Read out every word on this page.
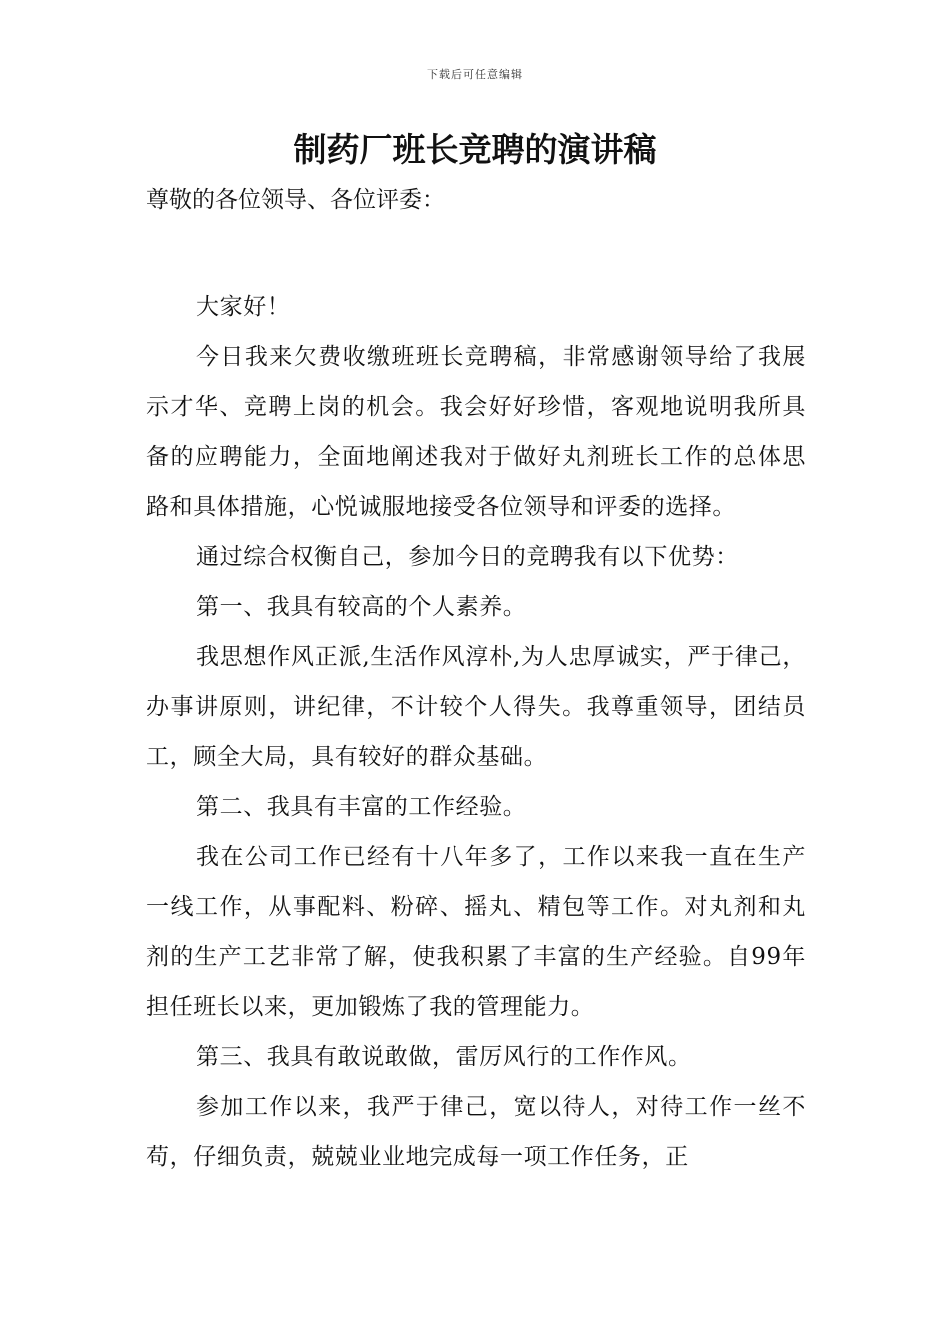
下载后可任意编辑
制药厂班长竞聘的演讲稿

尊敬的各位领导、各位评委：

大家好！

今日我来欠费收缴班班长竞聘稿，非常感谢领导给了我展示才华、竞聘上岗的机会。我会好好珍惜，客观地说明我所具备的应聘能力，全面地阐述我对于做好丸剂班长工作的总体思路和具体措施，心悦诚服地接受各位领导和评委的选择。

通过综合权衡自己，参加今日的竞聘我有以下优势：

第一、我具有较高的个人素养。

我思想作风正派,生活作风淳朴,为人忠厚诚实，严于律己，办事讲原则，讲纪律，不计较个人得失。我尊重领导，团结员工，顾全大局，具有较好的群众基础。

第二、我具有丰富的工作经验。

我在公司工作已经有十八年多了，工作以来我一直在生产一线工作，从事配料、粉碎、摇丸、精包等工作。对丸剂和丸剂的生产工艺非常了解，使我积累了丰富的生产经验。自99年担任班长以来，更加锻炼了我的管理能力。

第三、我具有敢说敢做，雷厉风行的工作作风。

参加工作以来，我严于律己，宽以待人，对待工作一丝不苟，仔细负责，兢兢业业地完成每一项工作任务，正
